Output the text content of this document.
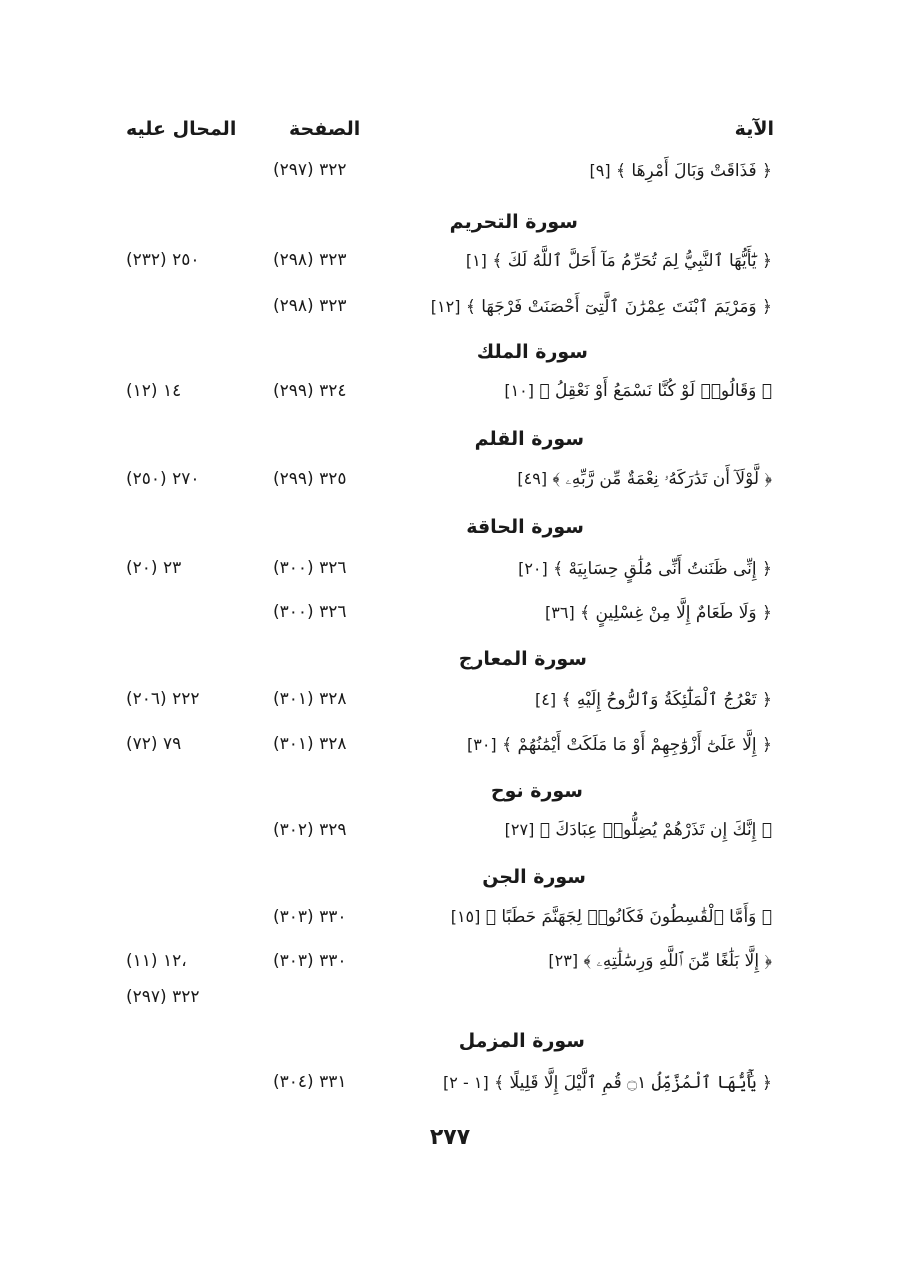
الآية
الصفحة
المحال عليه
﴿ فَذَاقَتْ وَبَالَ أَمْرِهَا ﴾ [٩]
٣٢٢ (٢٩٧)
سورة التحريم
﴿ يَٰٓأَيُّهَا ٱلنَّبِيُّ لِمَ تُحَرِّمُ مَآ أَحَلَّ ٱللَّهُ لَكَ ﴾ [١]
٣٢٣ (٢٩٨)
٢٥٠ (٢٣٢)
﴿ وَمَرْيَمَ ٱبْنَتَ عِمْرَٰنَ ٱلَّتِىٓ أَحْصَنَتْ فَرْجَهَا ﴾ [١٢]
٣٢٣ (٢٩٨)
سورة الملك
﴿ وَقَالُوا۟ لَوْ كُنَّا نَسْمَعُ أَوْ نَعْقِلُ ﴾ [١٠]
٣٢٤ (٢٩٩)
١٤ (١٢)
سورة القلم
﴿ لَّوْلَآ أَن تَدَٰرَكَهُۥ نِعْمَةٌ مِّن رَّبِّهِۦ ﴾ [٤٩]
٣٢٥ (٢٩٩)
٢٧٠ (٢٥٠)
سورة الحاقة
﴿ إِنِّى ظَنَنتُ أَنِّى مُلَٰقٍ حِسَابِيَهْ ﴾ [٢٠]
٣٢٦ (٣٠٠)
٢٣ (٢٠)
﴿ وَلَا طَعَامٌ إِلَّا مِنْ غِسْلِينٍ ﴾ [٣٦]
٣٢٦ (٣٠٠)
سورة المعارج
﴿ تَعْرُجُ ٱلْمَلَٰٓئِكَةُ وَٱلرُّوحُ إِلَيْهِ ﴾ [٤]
٣٢٨ (٣٠١)
٢٢٢ (٢٠٦)
﴿ إِلَّا عَلَىٰٓ أَزْوَٰجِهِمْ أَوْ مَا مَلَكَتْ أَيْمَٰنُهُمْ ﴾ [٣٠]
٣٢٨ (٣٠١)
٧٩ (٧٢)
سورة نوح
﴿ إِنَّكَ إِن تَذَرْهُمْ يُضِلُّوا۟ عِبَادَكَ ﴾ [٢٧]
٣٢٩ (٣٠٢)
سورة الجن
﴿ وَأَمَّا ٱلْقَٰسِطُونَ فَكَانُوا۟ لِجَهَنَّمَ حَطَبًا ﴾ [١٥]
٣٣٠ (٣٠٣)
﴿ إِلَّا بَلَٰغًا مِّنَ ٱللَّهِ وَرِسَٰلَٰتِهِۦ ﴾ [٢٣]
٣٣٠ (٣٠٣)
١٢ (١١)،
٣٢٢ (٢٩٧)
سورة المزمل
﴿ يَٰٓأَيُّهَا ٱلْمُزَّمِّلُ ۝١ قُمِ ٱلَّيْلَ إِلَّا قَلِيلًا ﴾ [١ - ٢]
٣٣١ (٣٠٤)
٢٧٧
